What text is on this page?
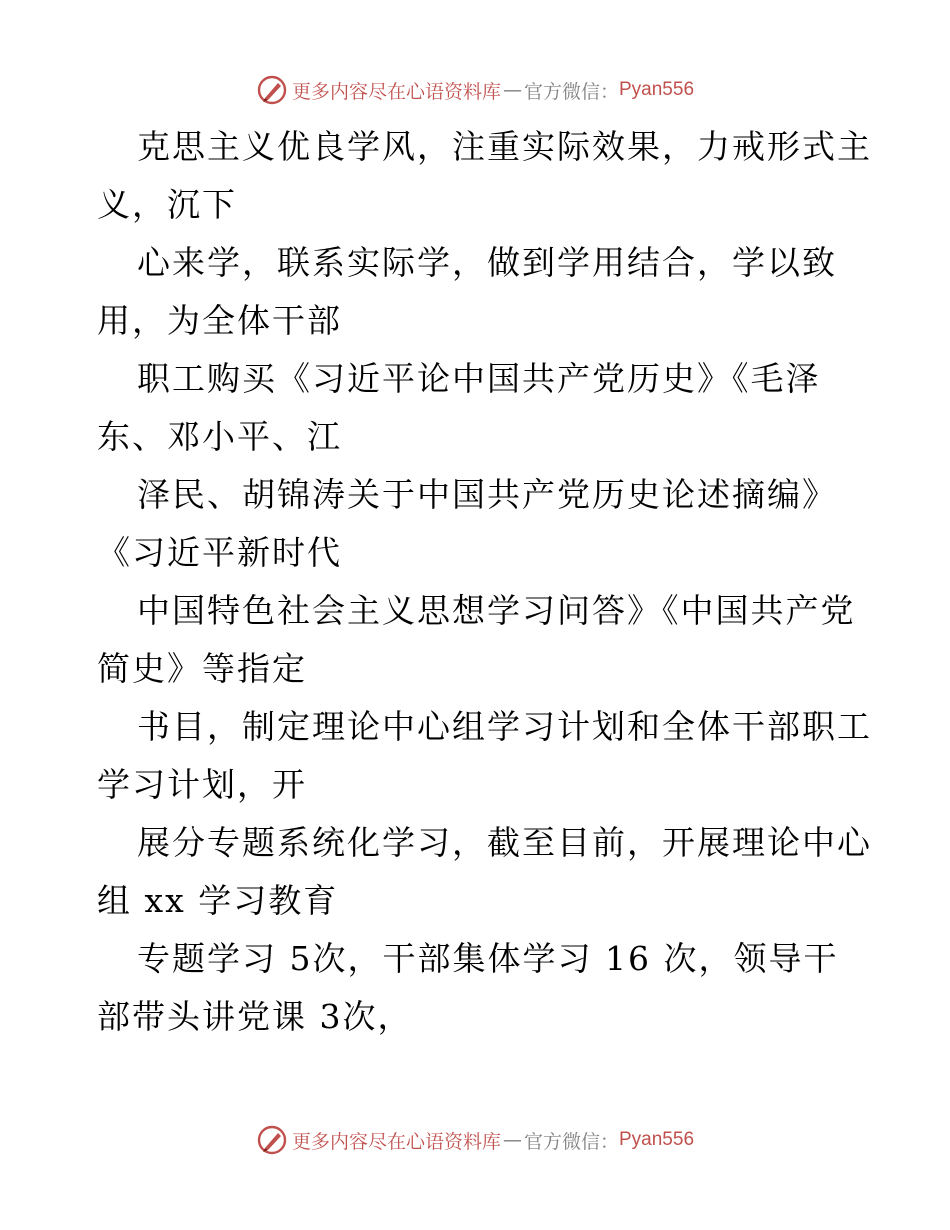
更多内容尽在心语资料库 — 官方微信： Pyan556
克思主义优良学风，注重实际效果，力戒形式主
义，沉下
心来学，联系实际学，做到学用结合，学以致
用，为全体干部
职工购买《习近平论中国共产党历史》《毛泽
东、邓小平、江
泽民、胡锦涛关于中国共产党历史论述摘编》
《习近平新时代
中国特色社会主义思想学习问答》《中国共产党
简史》等指定
书目，制定理论中心组学习计划和全体干部职工
学习计划，开
展分专题系统化学习，截至目前，开展理论中心
组 xx 学习教育
专题学习 5次，干部集体学习 16 次，领导干
部带头讲党课 3次，
更多内容尽在心语资料库 — 官方微信： Pyan556
